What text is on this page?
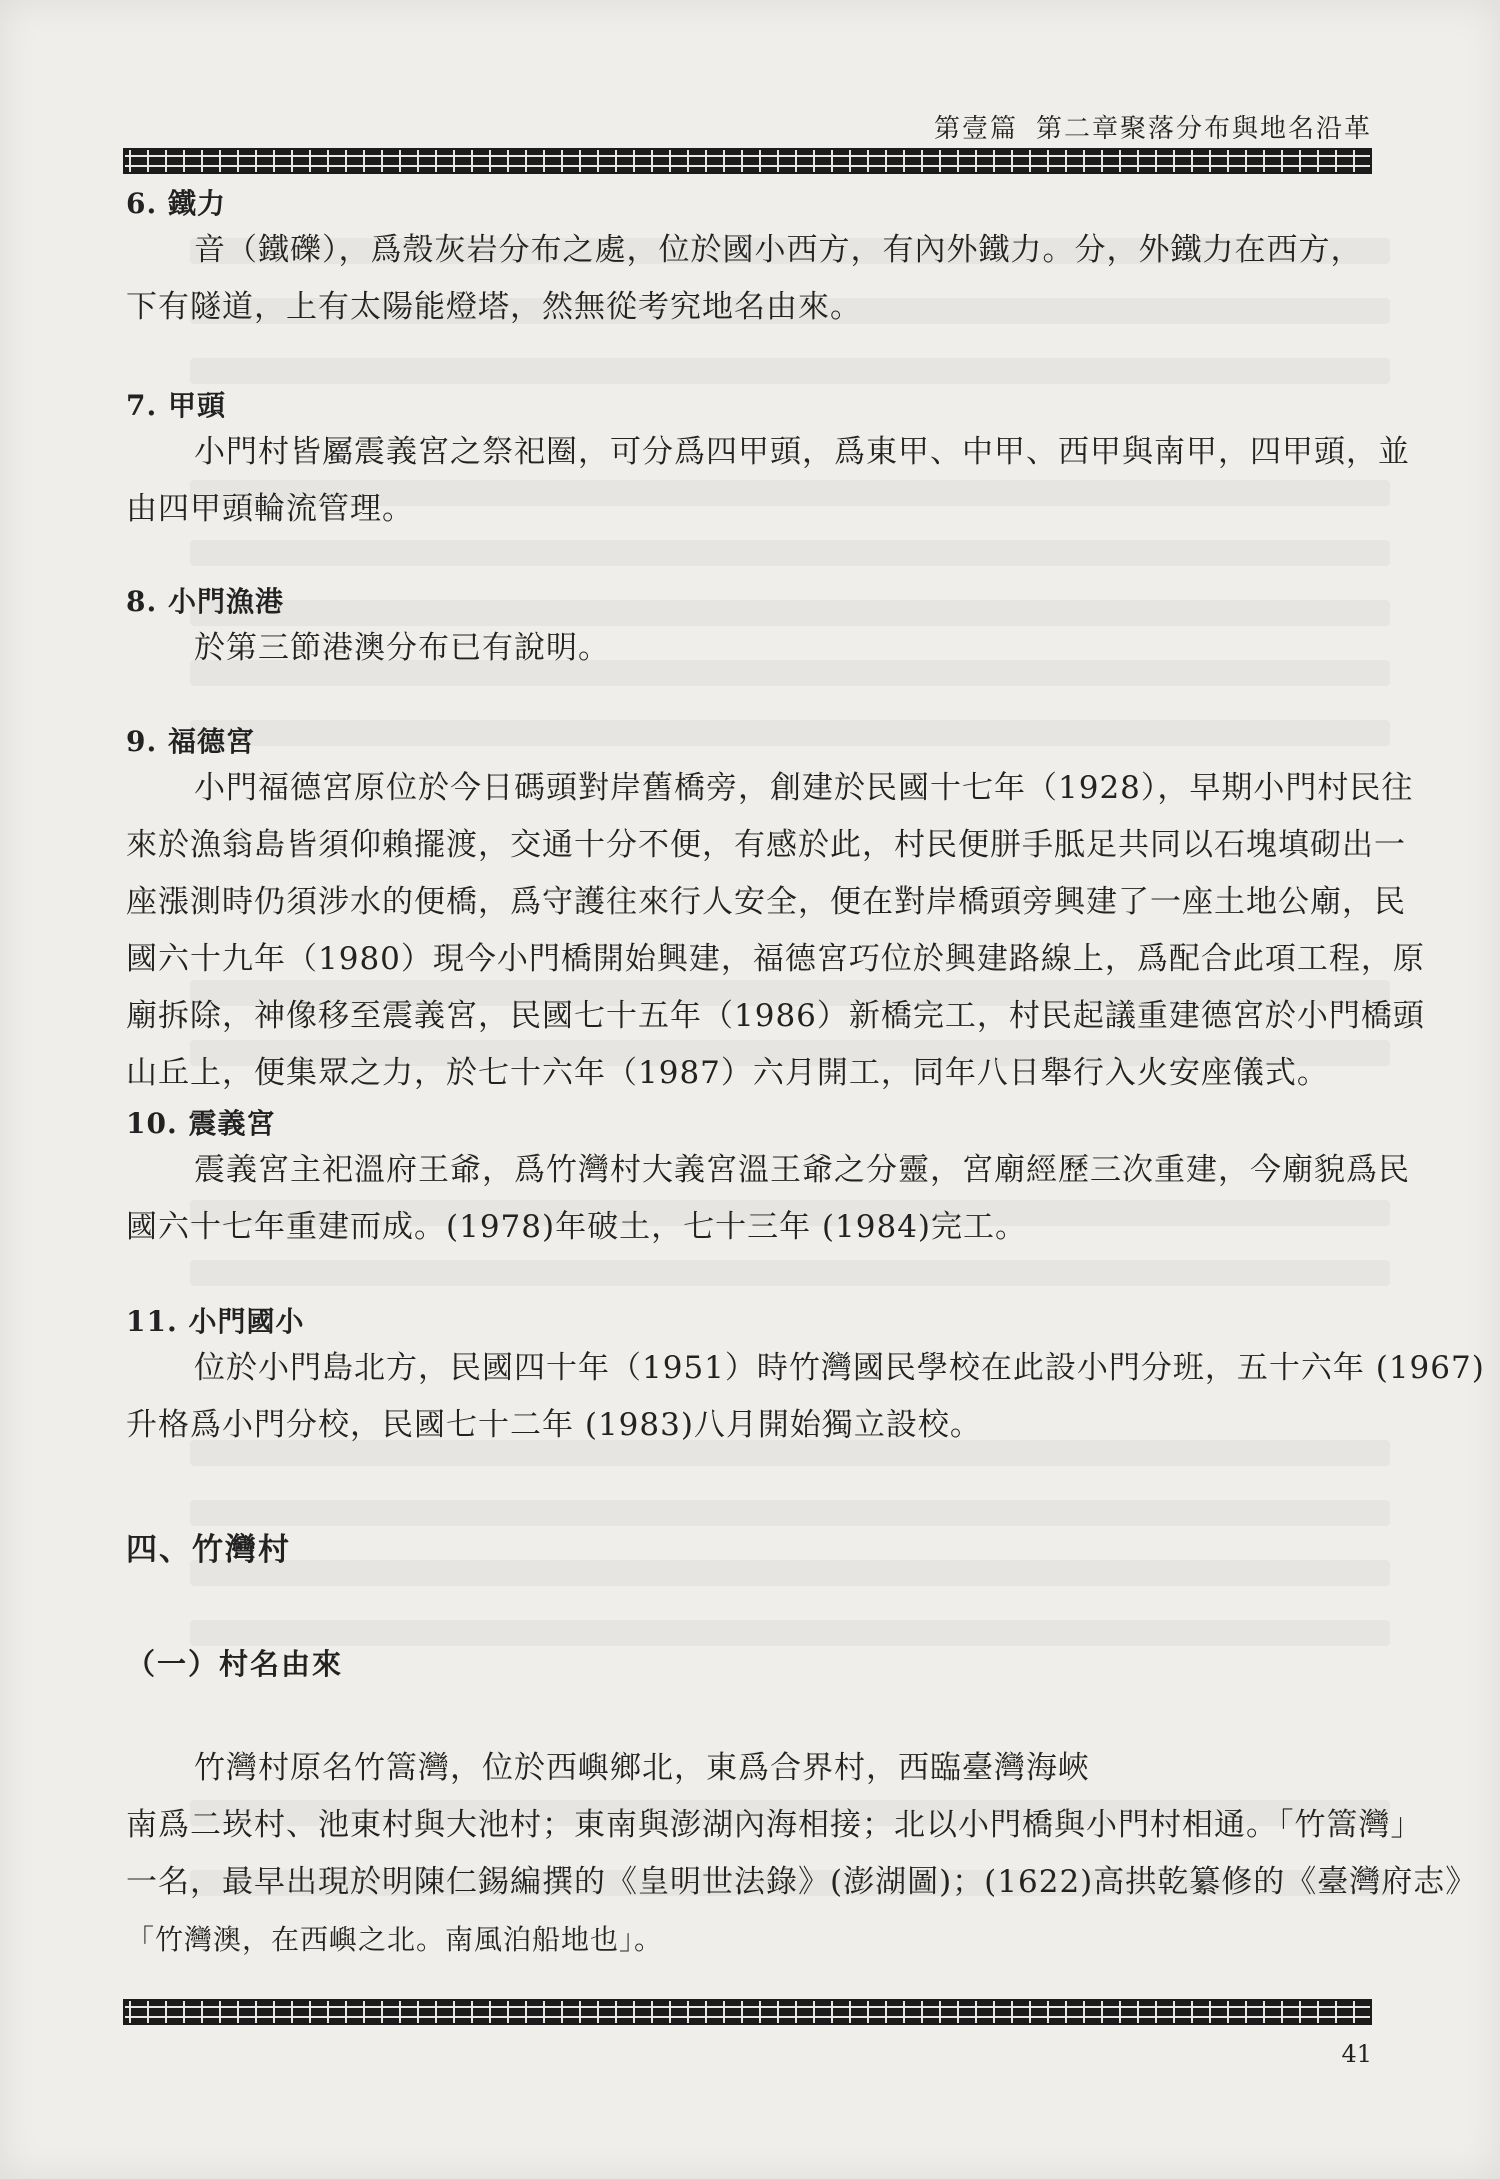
第壹篇 第二章聚落分布與地名沿革
6. 鐵力
音（鐵礫），爲殼灰岩分布之處，位於國小西方，有內外鐵力。分，外鐵力在西方，
下有隧道，上有太陽能燈塔，然無從考究地名由來。
7. 甲頭
小門村皆屬震義宮之祭祀圈，可分爲四甲頭，爲東甲、中甲、西甲與南甲，四甲頭，並
由四甲頭輪流管理。
8. 小門漁港
於第三節港澳分布已有說明。
9. 福德宮
小門福德宮原位於今日碼頭對岸舊橋旁，創建於民國十七年（1928），早期小門村民往
來於漁翁島皆須仰賴擺渡，交通十分不便，有感於此，村民便胼手胝足共同以石塊填砌出一
座漲測時仍須涉水的便橋，爲守護往來行人安全，便在對岸橋頭旁興建了一座土地公廟，民
國六十九年（1980）現今小門橋開始興建，福德宮巧位於興建路線上，爲配合此項工程，原
廟拆除，神像移至震義宮，民國七十五年（1986）新橋完工，村民起議重建德宮於小門橋頭
山丘上，便集眾之力，於七十六年（1987）六月開工，同年八日舉行入火安座儀式。
10. 震義宮
震義宮主祀溫府王爺，爲竹灣村大義宮溫王爺之分靈，宮廟經歷三次重建，今廟貌爲民
國六十七年重建而成。(1978)年破土，七十三年 (1984)完工。
11. 小門國小
位於小門島北方，民國四十年（1951）時竹灣國民學校在此設小門分班，五十六年 (1967)
升格爲小門分校，民國七十二年 (1983)八月開始獨立設校。
四、竹灣村
（一）村名由來
竹灣村原名竹篙灣，位於西嶼鄉北，東爲合界村，西臨臺灣海峽
南爲二崁村、池東村與大池村；東南與澎湖內海相接；北以小門橋與小門村相通。「竹篙灣」
一名，最早出現於明陳仁錫編撰的《皇明世法錄》(澎湖圖)；(1622)高拱乾纂修的《臺灣府志》
「竹灣澳，在西嶼之北。南風泊船地也」。
41
